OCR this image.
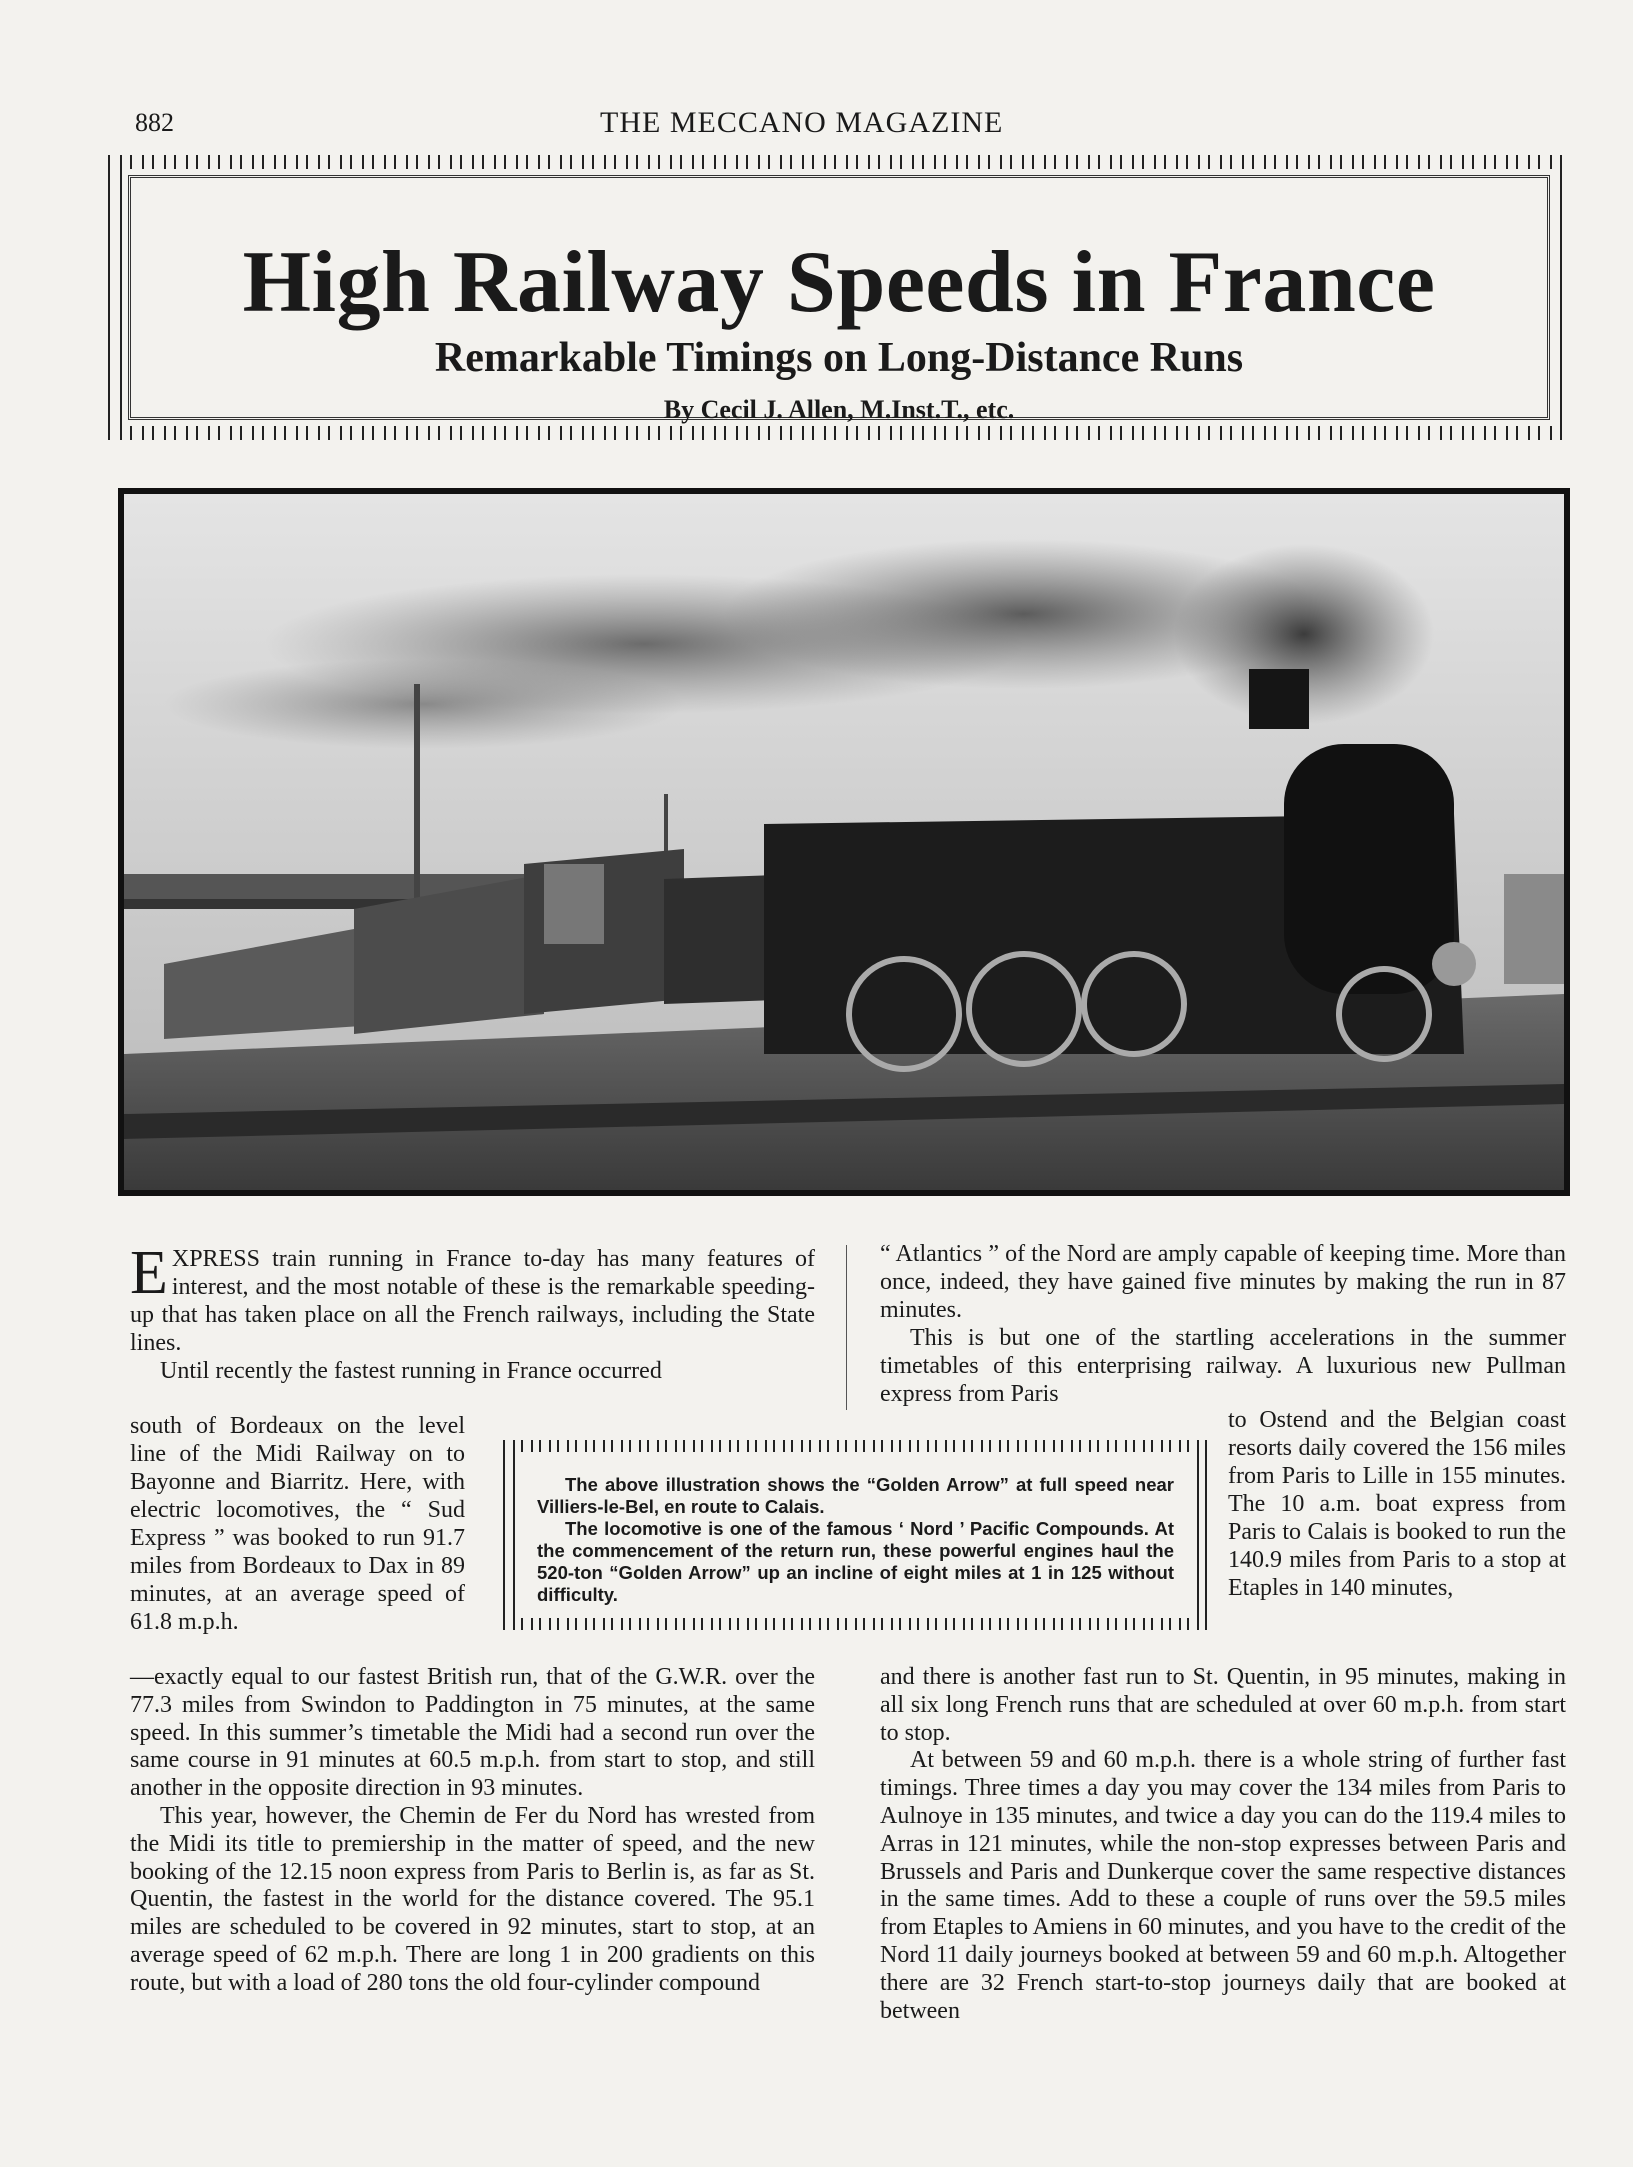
882	THE MECCANO MAGAZINE
High Railway Speeds in France
Remarkable Timings on Long-Distance Runs
By Cecil J. Allen, M.Inst.T., etc.

EXPRESS train running in France to-day has many features of interest, and the most notable of these is the remarkable speeding-up that has taken place on all the French railways, including the State lines.

Until recently the fastest running in France occurred

“ Atlantics ” of the Nord are amply capable of keeping time. More than once, indeed, they have gained five minutes by making the run in 87 minutes.

This is but one of the startling accelerations in the summer timetables of this enterprising railway. A luxurious new Pullman express from Paris

south of Bordeaux on the level line of the Midi Railway on to Bayonne and Biarritz. Here, with electric locomotives, the “ Sud Express ” was booked to run 91.7 miles from Bordeaux to Dax in 89 minutes, at an average speed of 61.8 m.p.h.

The above illustration shows the “Golden Arrow” at full speed near Villiers-le-Bel, en route to Calais.

The locomotive is one of the famous ‘ Nord ’ Pacific Compounds. At the commencement of the return run, these powerful engines haul the 520-ton “Golden Arrow” up an incline of eight miles at 1 in 125 without difficulty.

to Ostend and the Belgian coast resorts daily covered the 156 miles from Paris to Lille in 155 minutes. The 10 a.m. boat express from Paris to Calais is booked to run the 140.9 miles from Paris to a stop at Etaples in 140 minutes,

—exactly equal to our fastest British run, that of the G.W.R. over the 77.3 miles from Swindon to Paddington in 75 minutes, at the same speed. In this summer’s timetable the Midi had a second run over the same course in 91 minutes at 60.5 m.p.h. from start to stop, and still another in the opposite direction in 93 minutes.

This year, however, the Chemin de Fer du Nord has wrested from the Midi its title to premiership in the matter of speed, and the new booking of the 12.15 noon express from Paris to Berlin is, as far as St. Quentin, the fastest in the world for the distance covered. The 95.1 miles are scheduled to be covered in 92 minutes, start to stop, at an average speed of 62 m.p.h. There are long 1 in 200 gradients on this route, but with a load of 280 tons the old four-cylinder compound

and there is another fast run to St. Quentin, in 95 minutes, making in all six long French runs that are scheduled at over 60 m.p.h. from start to stop.

At between 59 and 60 m.p.h. there is a whole string of further fast timings. Three times a day you may cover the 134 miles from Paris to Aulnoye in 135 minutes, and twice a day you can do the 119.4 miles to Arras in 121 minutes, while the non-stop expresses between Paris and Brussels and Paris and Dunkerque cover the same respective distances in the same times. Add to these a couple of runs over the 59.5 miles from Etaples to Amiens in 60 minutes, and you have to the credit of the Nord 11 daily journeys booked at between 59 and 60 m.p.h. Altogether there are 32 French start-to-stop journeys daily that are booked at between
